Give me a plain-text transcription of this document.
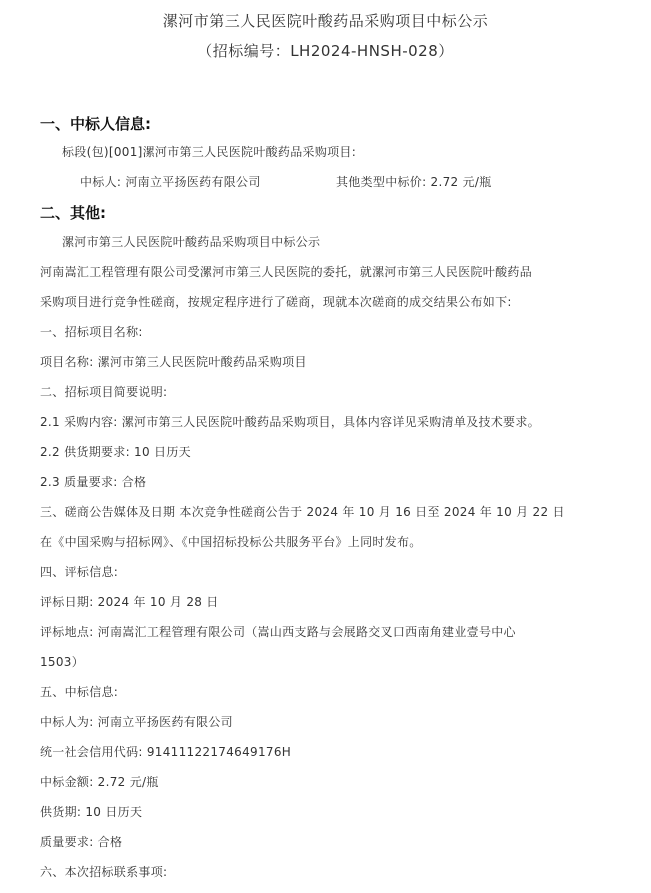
漯河市第三人民医院叶酸药品采购项目中标公示
（招标编号：LH2024-HNSH-028）
一、中标人信息:
标段(包)[001]漯河市第三人民医院叶酸药品采购项目:
中标人: 河南立平扬医药有限公司	其他类型中标价: 2.72 元/瓶
二、其他:
漯河市第三人民医院叶酸药品采购项目中标公示
河南嵩汇工程管理有限公司受漯河市第三人民医院的委托，就漯河市第三人民医院叶酸药品
采购项目进行竞争性磋商，按规定程序进行了磋商，现就本次磋商的成交结果公布如下:
一、招标项目名称:
项目名称: 漯河市第三人民医院叶酸药品采购项目
二、招标项目简要说明:
2.1 采购内容: 漯河市第三人民医院叶酸药品采购项目，具体内容详见采购清单及技术要求。
2.2 供货期要求: 10 日历天
2.3 质量要求: 合格
三、磋商公告媒体及日期 本次竞争性磋商公告于 2024 年 10 月 16 日至 2024 年 10 月 22 日
在《中国采购与招标网》、《中国招标投标公共服务平台》上同时发布。
四、评标信息:
评标日期: 2024 年 10 月 28 日
评标地点: 河南嵩汇工程管理有限公司（嵩山西支路与会展路交叉口西南角建业壹号中心
1503）
五、中标信息:
中标人为: 河南立平扬医药有限公司
统一社会信用代码: 91411122174649176H
中标金额: 2.72 元/瓶
供货期: 10 日历天
质量要求: 合格
六、本次招标联系事项:
